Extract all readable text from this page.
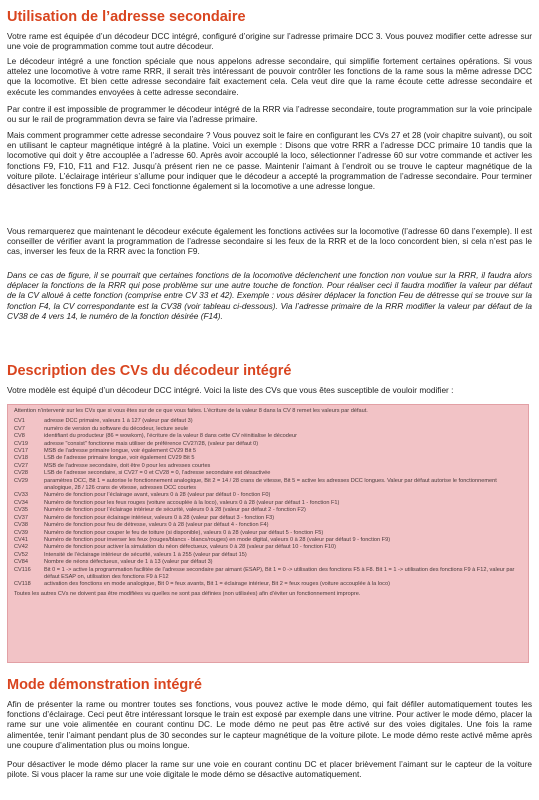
Utilisation de l’adresse secondaire

Votre rame est équipée d’un décodeur DCC intégré, configuré d’origine sur l’adresse primaire DCC 3. Vous pouvez modifier cette adresse sur une voie de programmation comme tout autre décodeur.

Le décodeur intégré a une fonction spéciale que nous appelons adresse secondaire, qui simplifie fortement certaines opérations. Si vous attelez une locomotive à votre rame RRR, il serait très intéressant de pouvoir contrôler les fonctions de la rame sous la même adresse DCC que la locomotive. Et bien cette adresse secondaire fait exactement cela. Cela veut dire que la rame écoute cette adresse secondaire et exécute les commandes envoyées à cette adresse secondaire.

Par contre il est impossible de programmer le décodeur intégré de la RRR via l’adresse secondaire, toute programmation sur la voie principale ou sur le rail de programmation devra se faire via l’adresse primaire.

Mais comment programmer cette adresse secondaire ? Vous pouvez soit le faire en configurant les CVs 27 et 28 (voir chapitre suivant), ou soit en utilisant le capteur magnétique intégré à la platine. Voici un exemple : Disons que votre RRR a l’adresse DCC primaire 10 tandis que la locomotive qui doit y être accouplée a l’adresse 60. Après avoir accouplé la loco, sélectionner l’adresse 60 sur votre commande et activer les fonctions F9, F10, F11 and F12. Jusqu’à présent rien ne ce passe. Maintenir l’aimant à l’endroit ou se trouve le capteur magnétique de la voiture pilote. L’éclairage intérieur s’allume pour indiquer que le décodeur a accepté la programmation de l’adresse secondaire. Pour terminer désactiver les fonctions F9 à F12. Ceci fonctionne également si la locomotive a une adresse longue.

Vous remarquerez que maintenant le décodeur exécute également les fonctions activées sur la locomotive (l’adresse 60 dans l’exemple). Il est conseiller de vérifier avant la programmation de l’adresse secondaire si les feux de la RRR et de la loco concordent bien, si cela n’est pas le cas, inverser les feux de la RRR avec la fonction F9.

Dans ce cas de figure, il se pourrait que certaines fonctions de la locomotive déclenchent une fonction non voulue sur la RRR, il faudra alors déplacer la fonctions de la RRR qui pose problème sur une autre touche de fonction. Pour réaliser ceci il faudra modifier la valeur par défaut de la CV alloué à cette fonction (comprise entre CV 33 et 42). Exemple : vous désirer déplacer la fonction Feu de détresse qui se trouve sur la fonction F4, la CV correspondante est la CV38 (voir tableau ci-dessous). Via l’adresse primaire de la RRR modifier la valeur par défaut de la CV38 de 4 vers 14, le numéro de la fonction désirée (F14).

Description des CVs du décodeur intégré

Votre modèle est équipé d’un décodeur DCC intégré. Voici la liste des CVs que vous êtes susceptible de vouloir modifier :

Attention n’intervenir sur les CVs que si vous êtes sur de ce que vous faites. L’écriture de la valeur 8 dans la CV 8 remet les valeurs par défaut.
CV1	adresse DCC primaire, valeurs 1 à 127 (valeur par défaut 3)
CV7	numéro de version du software du décodeur, lecture seule
CV8	identifiant du producteur (86 = wowkom), l’écriture de la valeur 8 dans cette CV réinitialise le décodeur
CV19	adresse "consist" fonctionne mais utiliser de préférence CV27/28, (valeur par défaut 0)
CV17	MSB de l’adresse primaire longue, voir également CV29 Bit 5
CV18	LSB de l’adresse primaire longue, voir également CV29 Bit 5
CV27	MSB de l’adresse secondaire, doit être 0 pour les adresses courtes
CV28	LSB de l’adresse secondaire, si CV27 = 0 et CV28 = 0, l’adresse secondaire est désactivée
CV29	paramètres DCC, Bit 1 = autorise le fonctionnement analogique, Bit 2 = 14 / 28 crans de vitesse, Bit 5 = active les adresses DCC longues. Valeur par défaut autorise le fonctionnement analogique, 28 / 126 crans de vitesse, adresses DCC courtes
CV33	Numéro de fonction pour l’éclairage avant, valeurs 0 à 28 (valeur par défaut 0 - fonction F0)
CV34	Numéro de fonction pour les feux rouges (voiture accouplée à la loco), valeurs 0 à 28 (valeur par défaut 1 - fonction F1)
CV35	Numéro de fonction pour l’éclairage intérieur de sécurité, valeurs 0 à 28 (valeur par défaut 2 - fonction F2)
CV37	Numéro de fonction pour éclairage intérieur, valeurs 0 à 28 (valeur par défaut 3 - fonction F3)
CV38	Numéro de fonction pour feu de détresse, valeurs 0 à 28 (valeur par défaut 4 - fonction F4)
CV39	Numéro de fonction pour couper le feu de toiture (si disponible), valeurs 0 à 28 (valeur par défaut 5 - fonction F5)
CV41	Numéro de fonction pour inverser les feux (rouges/blancs - blancs/rouges) en mode digital, valeurs 0 à 28 (valeur par défaut 9 - fonction F9)
CV42	Numéro de fonction pour activer la simulation du néon défectueux, valeurs 0 à 28 (valeur par défaut 10 - fonction F10)
CV52	Intensité de l’éclairage intérieur de sécurité, valeurs 1 à 255 (valeur par défaut 15)
CV84	Nombre de néons défectueux, valeur de 1 à 13 (valeur par défaut 3)
CV116	Bit 0 = 1 -> active la programmation facilitée de l’adresse secondaire par aimant (ESAP), Bit 1 = 0 -> utilisation des fonctions F5 à F8. Bit 1 = 1 -> utilisation des fonctions F9 à F12, valeur par défaut ESAP on, utilisation des fonctions F9 à F12
CV118	activation des fonctions en mode analogique, Bit 0 = feux avants, Bit 1 = éclairage intérieur, Bit 2 = feux rouges (voiture accouplée à la loco)
Toutes les autres CVs ne doivent pas être modifiées vu quelles ne sont pas définies (non utilisées) afin d’éviter un fonctionnement impropre.
Mode démonstration intégré

Afin de présenter la rame ou montrer toutes ses fonctions, vous pouvez active le mode démo, qui fait défiler automatiquement toutes les fonctions d’éclairage. Ceci peut être intéressant lorsque le train est exposé par exemple dans une vitrine. Pour activer le mode démo, placer la rame sur une voie alimentée en courant continu DC. Le mode démo ne peut pas être activé sur des voies digitales. Une fois la rame alimentée, tenir l’aimant pendant plus de 30 secondes sur le capteur magnétique de la voiture pilote. Le mode démo reste activé même après une coupure d’alimentation plus ou moins longue.

Pour désactiver le mode démo placer la rame sur une voie en courant continu DC et placer brièvement l’aimant sur le capteur de la voiture pilote. Si vous placer la rame sur une voie digitale le mode démo se désactive automatiquement.
